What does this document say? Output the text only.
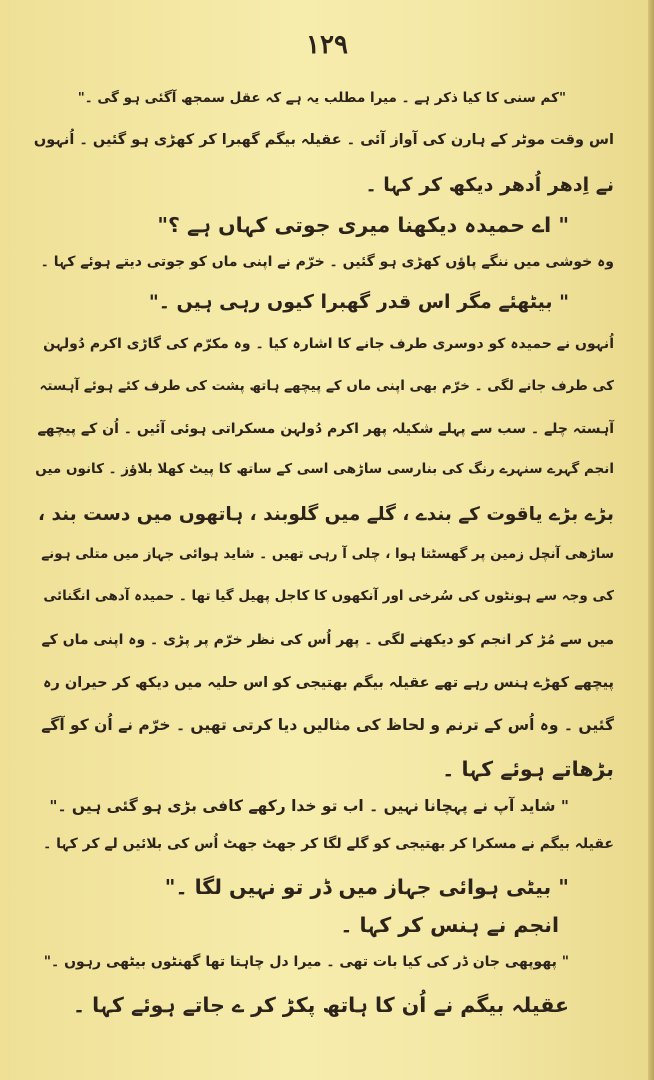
۱۲۹
"کم سنی کا کیا ذکر ہے ۔ میرا مطلب یہ ہے کہ عقل سمجھ آگئی ہو گی ۔"
اس وقت موٹر کے ہارن کی آواز آئی ۔ عقیلہ بیگم گھبرا کر کھڑی ہو گئیں ۔ اُنہوں
نے اِدھر اُدھر دیکھ کر کہا ۔
" اے حمیدہ دیکھنا میری جوتی کہاں ہے ؟"
وہ خوشی میں ننگے پاؤں کھڑی ہو گئیں ۔ خرّم نے اپنی ماں کو جوتی دیتے ہوئے کہا ۔
" بیٹھئے مگر اس قدر گھبرا کیوں رہی ہیں ۔"
اُنہوں نے حمیدہ کو دوسری طرف جانے کا اشارہ کیا ۔ وہ مکرّم کی گاڑی اکرم دُولہن
کی طرف جانے لگی ۔ خرّم بھی اپنی ماں کے پیچھے ہاتھ پشت کی طرف کئے ہوئے آہستہ
آہستہ چلے ۔ سب سے پہلے شکیلہ پھر اکرم دُولہن مسکراتی ہوئی آئیں ۔ اُن کے پیچھے
انجم گہرے سنہرے رنگ کی بنارسی ساڑھی اسی کے ساتھ کا پیٹ کھلا بلاؤز ۔ کانوں میں
بڑے بڑے یاقوت کے بندے ، گلے میں گلوبند ، ہاتھوں میں دست بند ،
ساڑھی آنچل زمین پر گھسٹتا ہوا ، چلی آ رہی تھیں ۔ شاید ہوائی جہاز میں متلی ہونے
کی وجہ سے ہونٹوں کی سُرخی اور آنکھوں کا کاجل پھیل گیا تھا ۔ حمیدہ آدھی انگنائی
میں سے مُڑ کر انجم کو دیکھنے لگی ۔ پھر اُس کی نظر خرّم پر پڑی ۔ وہ اپنی ماں کے
پیچھے کھڑے ہنس رہے تھے عقیلہ بیگم بھتیجی کو اس حلیہ میں دیکھ کر حیران رہ
گئیں ۔ وہ اُس کے ترنم و لحاظ کی مثالیں دیا کرتی تھیں ۔ خرّم نے اُن کو آگے
بڑھاتے ہوئے کہا ۔
" شاید آپ نے پہچانا نہیں ۔ اب تو خدا رکھے کافی بڑی ہو گئی ہیں ۔"
عقیلہ بیگم نے مسکرا کر بھتیجی کو گلے لگا کر جھٹ جھٹ اُس کی بلائیں لے کر کہا ۔
" بیٹی ہوائی جہاز میں ڈر تو نہیں لگا ۔"
انجم نے ہنس کر کہا ۔
" پھوپھی جان ڈر کی کیا بات تھی ۔ میرا دل چاہتا تھا گھنٹوں بیٹھی رہوں ۔"
عقیلہ بیگم نے اُن کا ہاتھ پکڑ کر ے جاتے ہوئے کہا ۔
